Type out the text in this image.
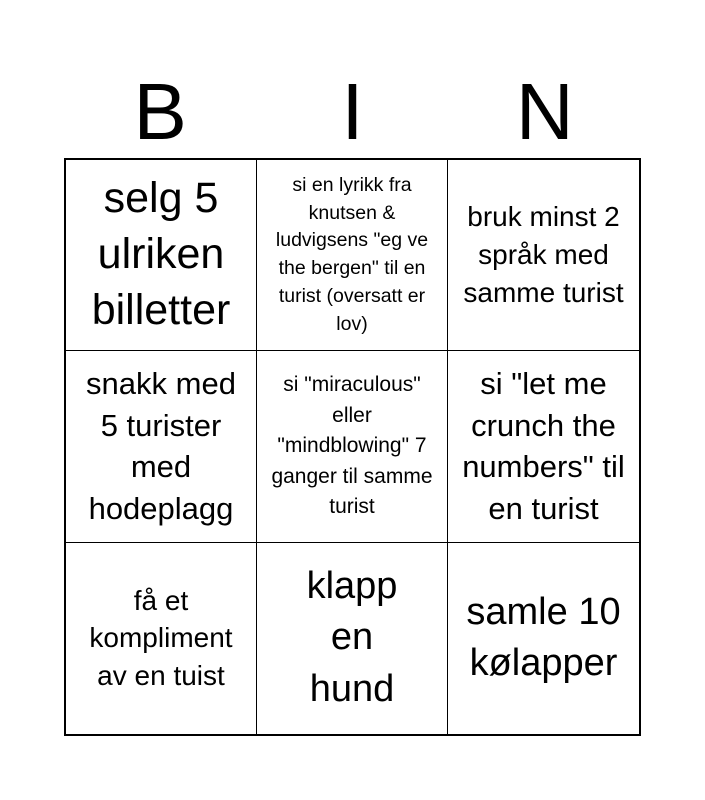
B	I	N
selg 5 ulriken billetter
si en lyrikk fra knutsen & ludvigsens "eg ve the bergen" til en turist (oversatt er lov)
bruk minst 2 språk med samme turist
snakk med 5 turister med hodeplagg
si "miraculous" eller "mindblowing" 7 ganger til samme turist
si "let me crunch the numbers" til en turist
få et kompliment av en tuist
klapp en hund
samle 10 kølapper
